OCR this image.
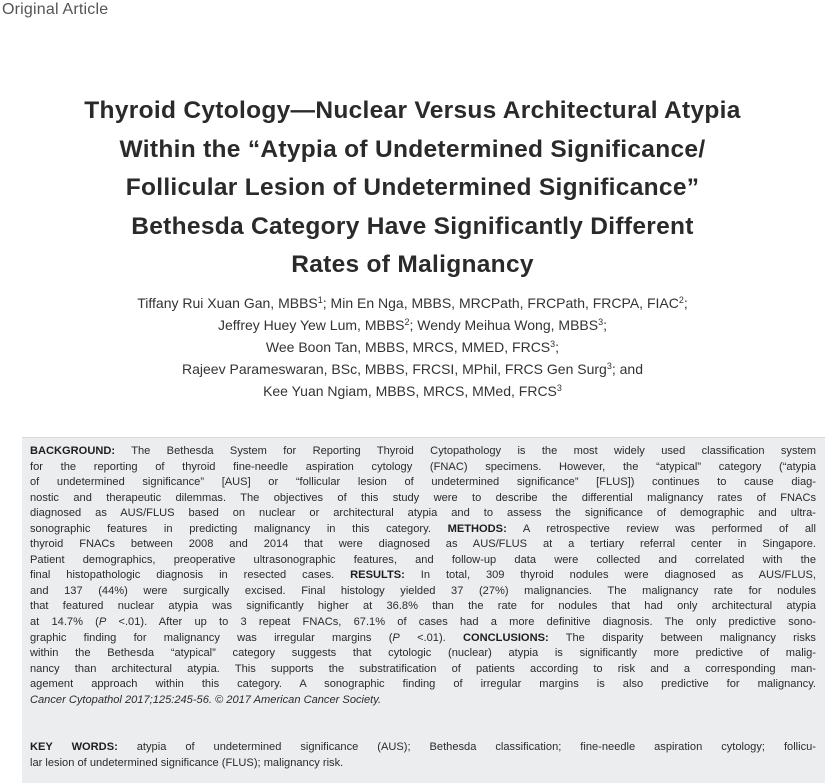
Original Article
Thyroid Cytology—Nuclear Versus Architectural Atypia
Within the “Atypia of Undetermined Significance/
Follicular Lesion of Undetermined Significance”
Bethesda Category Have Significantly Different
Rates of Malignancy
Tiffany Rui Xuan Gan, MBBS$^1$; Min En Nga, MBBS, MRCPath, FRCPath, FRCPA, FIAC$^2$;
Jeffrey Huey Yew Lum, MBBS$^2$; Wendy Meihua Wong, MBBS$^3$;
Wee Boon Tan, MBBS, MRCS, MMED, FRCS$^3$;
Rajeev Parameswaran, BSc, MBBS, FRCSI, MPhil, FRCS Gen Surg$^3$; and
Kee Yuan Ngiam, MBBS, MRCS, MMed, FRCS$^3$
BACKGROUND: The Bethesda System for Reporting Thyroid Cytopathology is the most widely used classification system
for the reporting of thyroid fine-needle aspiration cytology (FNAC) specimens. However, the “atypical” category (“atypia
of undetermined significance” [AUS] or “follicular lesion of undetermined significance” [FLUS]) continues to cause diag-
nostic and therapeutic dilemmas. The objectives of this study were to describe the differential malignancy rates of FNACs
diagnosed as AUS/FLUS based on nuclear or architectural atypia and to assess the significance of demographic and ultra-
sonographic features in predicting malignancy in this category. METHODS: A retrospective review was performed of all
thyroid FNACs between 2008 and 2014 that were diagnosed as AUS/FLUS at a tertiary referral center in Singapore.
Patient demographics, preoperative ultrasonographic features, and follow-up data were collected and correlated with the
final histopathologic diagnosis in resected cases. RESULTS: In total, 309 thyroid nodules were diagnosed as AUS/FLUS,
and 137 (44%) were surgically excised. Final histology yielded 37 (27%) malignancies. The malignancy rate for nodules
that featured nuclear atypia was significantly higher at 36.8% than the rate for nodules that had only architectural atypia
at 14.7% (P <.01). After up to 3 repeat FNACs, 67.1% of cases had a more definitive diagnosis. The only predictive sono-
graphic finding for malignancy was irregular margins (P <.01). CONCLUSIONS: The disparity between malignancy risks
within the Bethesda “atypical” category suggests that cytologic (nuclear) atypia is significantly more predictive of malig-
nancy than architectural atypia. This supports the substratification of patients according to risk and a corresponding man-
agement approach within this category. A sonographic finding of irregular margins is also predictive for malignancy.
Cancer Cytopathol 2017;125:245-56. © 2017 American Cancer Society.
KEY WORDS: atypia of undetermined significance (AUS); Bethesda classification; fine-needle aspiration cytology; follicu-
lar lesion of undetermined significance (FLUS); malignancy risk.
